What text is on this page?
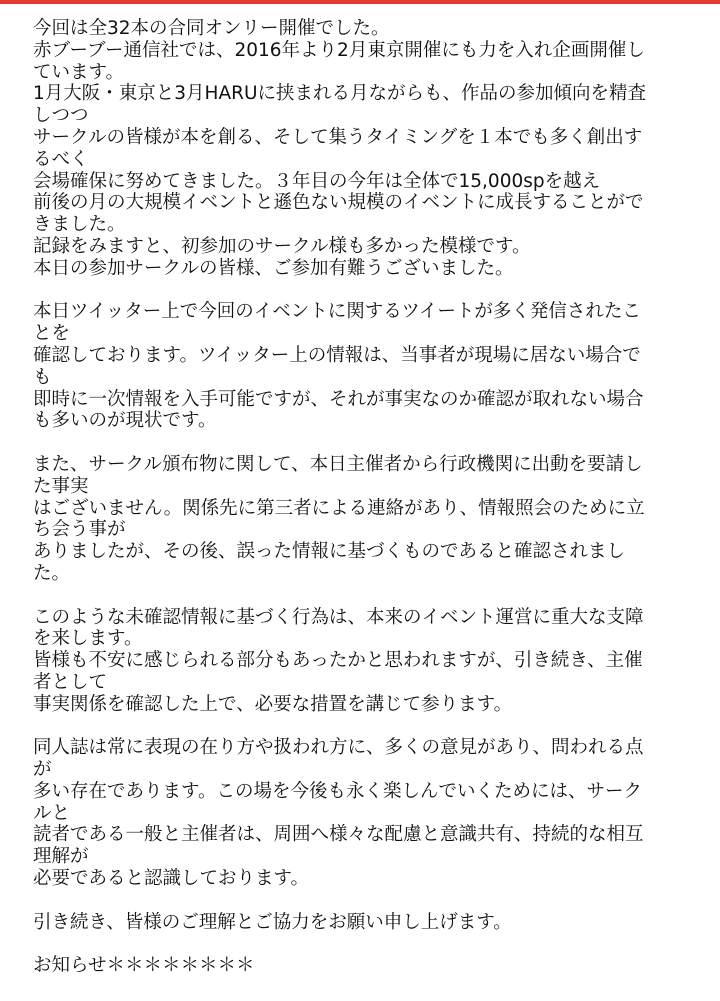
今回は全32本の合同オンリー開催でした。
赤ブーブー通信社では、2016年より2月東京開催にも力を入れ企画開催し
ています。
1月大阪・東京と3月HARUに挟まれる月ながらも、作品の参加傾向を精査
しつつ
サークルの皆様が本を創る、そして集うタイミングを１本でも多く創出す
るべく
会場確保に努めてきました。３年目の今年は全体で15,000spを越え
前後の月の大規模イベントと遜色ない規模のイベントに成長することがで
きました。
記録をみますと、初参加のサークル様も多かった模様です。
本日の参加サークルの皆様、ご参加有難うございました。
本日ツイッター上で今回のイベントに関するツイートが多く発信されたこ
とを
確認しております。ツイッター上の情報は、当事者が現場に居ない場合で
も
即時に一次情報を入手可能ですが、それが事実なのか確認が取れない場合
も多いのが現状です。
また、サークル頒布物に関して、本日主催者から行政機関に出動を要請し
た事実
はございません。関係先に第三者による連絡があり、情報照会のために立
ち会う事が
ありましたが、その後、誤った情報に基づくものであると確認されまし
た。
このような未確認情報に基づく行為は、本来のイベント運営に重大な支障
を来します。
皆様も不安に感じられる部分もあったかと思われますが、引き続き、主催
者として
事実関係を確認した上で、必要な措置を講じて参ります。
同人誌は常に表現の在り方や扱われ方に、多くの意見があり、問われる点
が
多い存在であります。この場を今後も永く楽しんでいくためには、サーク
ルと
読者である一般と主催者は、周囲へ様々な配慮と意識共有、持続的な相互
理解が
必要であると認識しております。
引き続き、皆様のご理解とご協力をお願い申し上げます。
お知らせ＊＊＊＊＊＊＊＊
